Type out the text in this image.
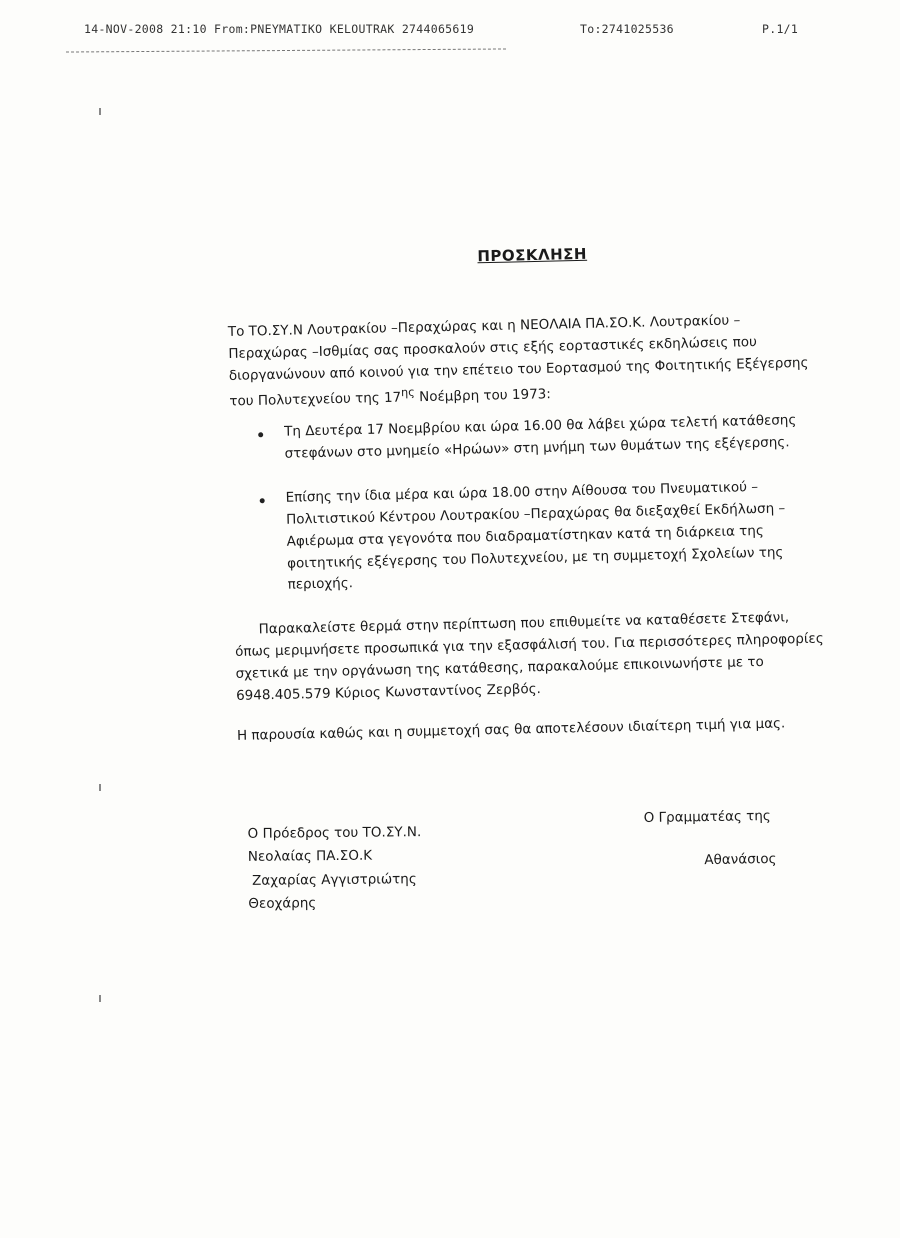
14-NOV-2008 21:10 From:PNEYMATIKO KELOUTRAK 2744065619	To:2741025536	P.1/1
ΠΡΟΣΚΛΗΣΗ

Το ΤΟ.ΣΥ.Ν Λουτρακίου –Περαχώρας και η ΝΕΟΛΑΙΑ ΠΑ.ΣΟ.Κ. Λουτρακίου –Περαχώρας –Ισθμίας σας προσκαλούν στις εξής εορταστικές εκδηλώσεις που διοργανώνουν από κοινού για την επέτειο του Εορτασμού της Φοιτητικής Εξέγερσης του Πολυτεχνείου της $17^{\eta\varsigma}$ Νοέμβρη του 1973:

Τη Δευτέρα 17 Νοεμβρίου και ώρα 16.00 θα λάβει χώρα τελετή κατάθεσης στεφάνων στο μνημείο «Ηρώων» στη μνήμη των θυμάτων της εξέγερσης.
Επίσης την ίδια μέρα και ώρα 18.00 στην Αίθουσα του Πνευματικού –Πολιτιστικού Κέντρου Λουτρακίου –Περαχώρας θα διεξαχθεί Εκδήλωση –Αφιέρωμα στα γεγονότα που διαδραματίστηκαν κατά τη διάρκεια της φοιτητικής εξέγερσης του Πολυτεχνείου, με τη συμμετοχή Σχολείων της περιοχής.

Παρακαλείστε θερμά στην περίπτωση που επιθυμείτε να καταθέσετε Στεφάνι, όπως μεριμνήσετε προσωπικά για την εξασφάλισή του. Για περισσότερες πληροφορίες σχετικά με την οργάνωση της κατάθεσης, παρακαλούμε επικοινωνήστε με το 6948.405.579 Κύριος Κωνσταντίνος Ζερβός.

Η παρουσία καθώς και η συμμετοχή σας θα αποτελέσουν ιδιαίτερη τιμή για μας.

Ο Πρόεδρος του ΤΟ.ΣΥ.Ν.
Νεολαίας ΠΑ.ΣΟ.Κ
Ζαχαρίας Αγγιστριώτης
Θεοχάρης
Ο Γραμματέας της
Αθανάσιος
